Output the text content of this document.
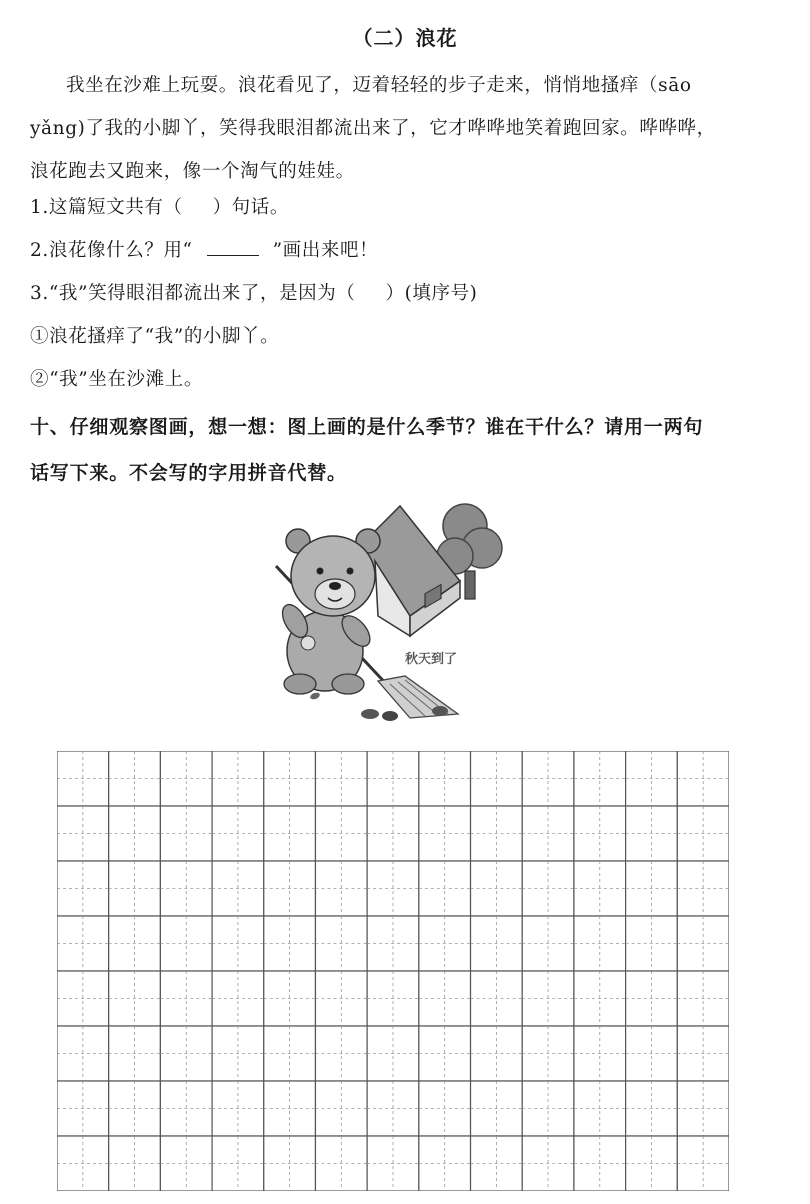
（二）浪花
我坐在沙难上玩耍。浪花看见了，迈着轻轻的步子走来，悄悄地搔痒（sāo
yǎng)了我的小脚丫，笑得我眼泪都流出来了，它才哗哗地笑着跑回家。哗哗哗，
浪花跑去又跑来，像一个淘气的娃娃。
1.这篇短文共有（ ）句话。
2.浪花像什么？用“	”画出来吧！
3.“我”笑得眼泪都流出来了，是因为（ ）(填序号)
①浪花搔痒了“我”的小脚丫。
②“我”坐在沙滩上。
十、仔细观察图画，想一想：图上画的是什么季节？谁在干什么？请用一两句
话写下来。不会写的字用拼音代替。
秋天到了
